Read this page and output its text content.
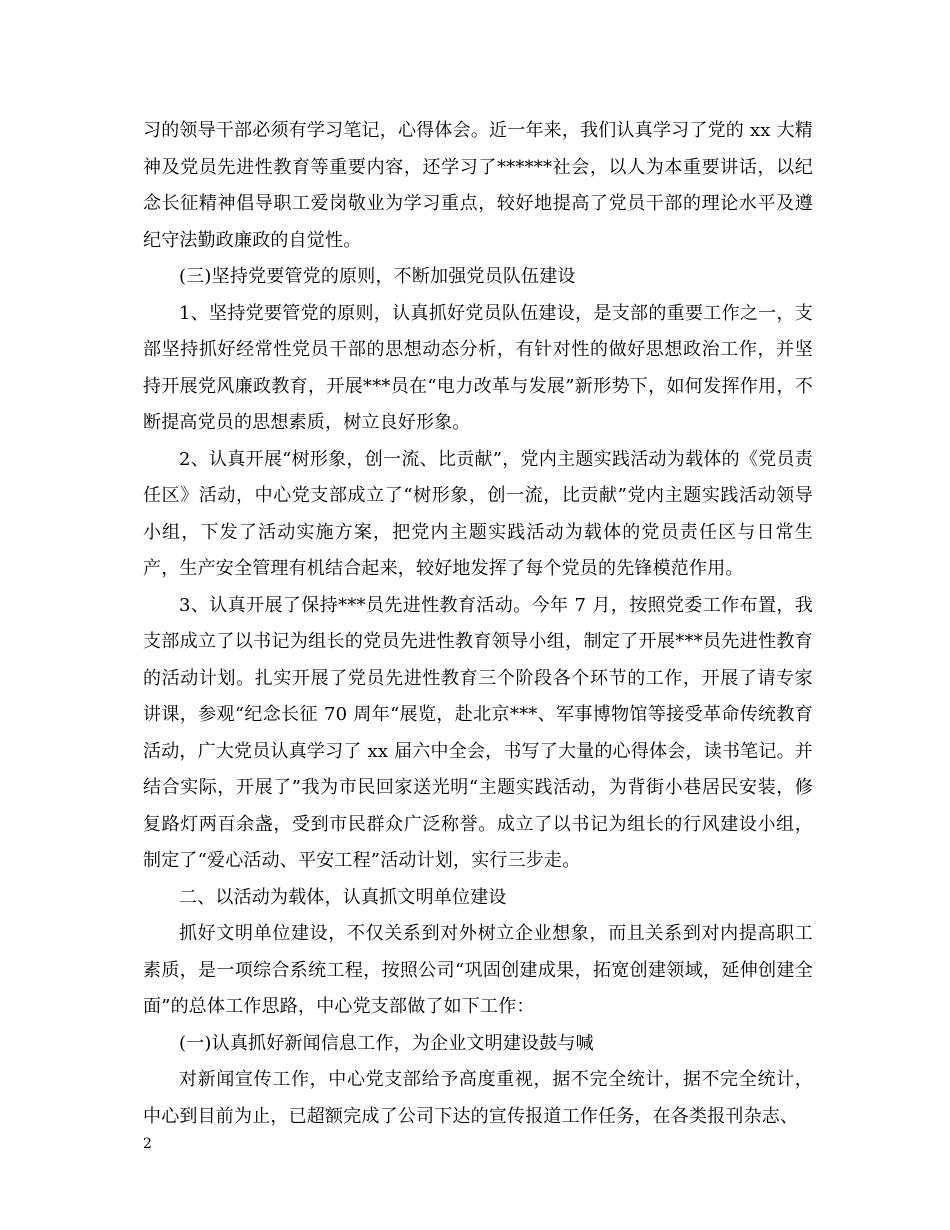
习的领导干部必须有学习笔记，心得体会。近一年来，我们认真学习了党的 xx 大精神及党员先进性教育等重要内容，还学习了******社会，以人为本重要讲话，以纪念长征精神倡导职工爱岗敬业为学习重点，较好地提高了党员干部的理论水平及遵纪守法勤政廉政的自觉性。

(三)坚持党要管党的原则，不断加强党员队伍建设

1、坚持党要管党的原则，认真抓好党员队伍建设，是支部的重要工作之一，支部坚持抓好经常性党员干部的思想动态分析，有针对性的做好思想政治工作，并坚持开展党风廉政教育，开展***员在“电力改革与发展”新形势下，如何发挥作用，不断提高党员的思想素质，树立良好形象。

2、认真开展“树形象，创一流、比贡献”，党内主题实践活动为载体的《党员责任区》活动，中心党支部成立了“树形象，创一流，比贡献”党内主题实践活动领导小组，下发了活动实施方案，把党内主题实践活动为载体的党员责任区与日常生产，生产安全管理有机结合起来，较好地发挥了每个党员的先锋模范作用。

3、认真开展了保持***员先进性教育活动。今年 7 月，按照党委工作布置，我支部成立了以书记为组长的党员先进性教育领导小组，制定了开展***员先进性教育的活动计划。扎实开展了党员先进性教育三个阶段各个环节的工作，开展了请专家讲课，参观“纪念长征 70 周年“展览，赴北京***、军事博物馆等接受革命传统教育活动，广大党员认真学习了 xx 届六中全会，书写了大量的心得体会，读书笔记。并结合实际，开展了”我为市民回家送光明“主题实践活动，为背街小巷居民安装，修复路灯两百余盏，受到市民群众广泛称誉。成立了以书记为组长的行风建设小组，制定了“爱心活动、平安工程”活动计划，实行三步走。

二、以活动为载体，认真抓文明单位建设

抓好文明单位建设，不仅关系到对外树立企业想象，而且关系到对内提高职工素质，是一项综合系统工程，按照公司“巩固创建成果，拓宽创建领域，延伸创建全面”的总体工作思路，中心党支部做了如下工作：

(一)认真抓好新闻信息工作，为企业文明建设鼓与喊

对新闻宣传工作，中心党支部给予高度重视，据不完全统计，据不完全统计，中心到目前为止，已超额完成了公司下达的宣传报道工作任务，在各类报刊杂志、

2
